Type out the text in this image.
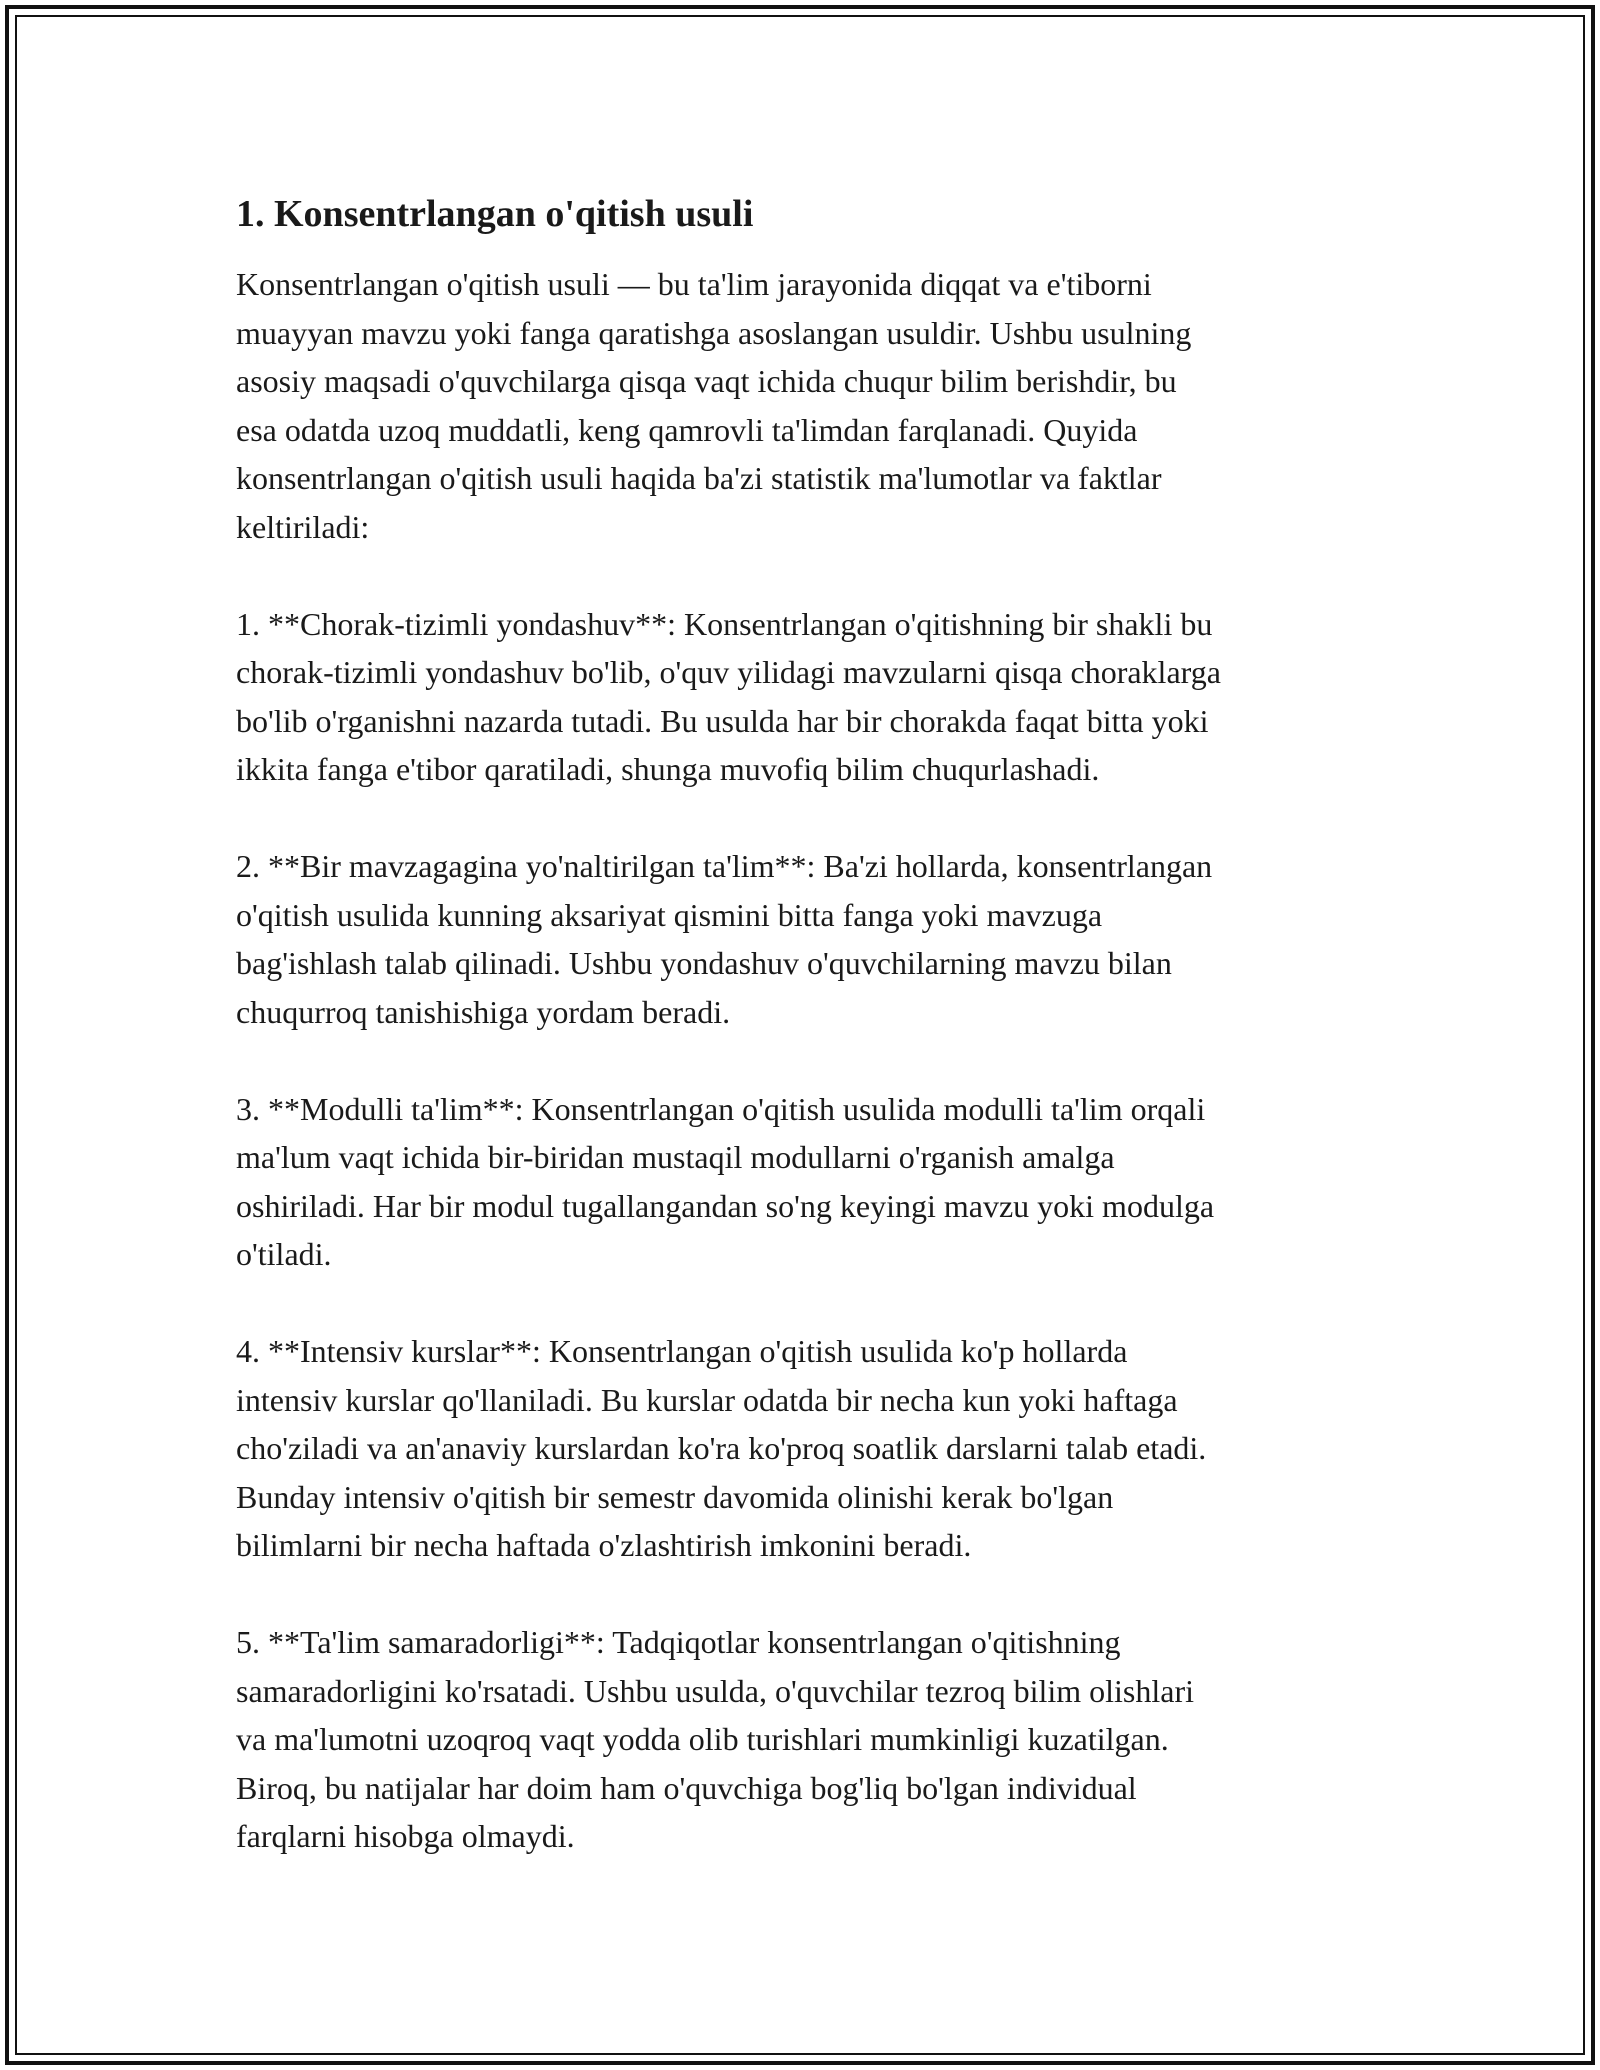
1. Konsentrlangan o'qitish usuli

Konsentrlangan o'qitish usuli — bu ta'lim jarayonida diqqat va e'tiborni
muayyan mavzu yoki fanga qaratishga asoslangan usuldir. Ushbu usulning
asosiy maqsadi o'quvchilarga qisqa vaqt ichida chuqur bilim berishdir, bu
esa odatda uzoq muddatli, keng qamrovli ta'limdan farqlanadi. Quyida
konsentrlangan o'qitish usuli haqida ba'zi statistik ma'lumotlar va faktlar
keltiriladi:

1. **Chorak-tizimli yondashuv**: Konsentrlangan o'qitishning bir shakli bu
chorak-tizimli yondashuv bo'lib, o'quv yilidagi mavzularni qisqa choraklarga
bo'lib o'rganishni nazarda tutadi. Bu usulda har bir chorakda faqat bitta yoki
ikkita fanga e'tibor qaratiladi, shunga muvofiq bilim chuqurlashadi.

2. **Bir mavzagagina yo'naltirilgan ta'lim**: Ba'zi hollarda, konsentrlangan
o'qitish usulida kunning aksariyat qismini bitta fanga yoki mavzuga
bag'ishlash talab qilinadi. Ushbu yondashuv o'quvchilarning mavzu bilan
chuqurroq tanishishiga yordam beradi.

3. **Modulli ta'lim**: Konsentrlangan o'qitish usulida modulli ta'lim orqali
ma'lum vaqt ichida bir-biridan mustaqil modullarni o'rganish amalga
oshiriladi. Har bir modul tugallangandan so'ng keyingi mavzu yoki modulga
o'tiladi.

4. **Intensiv kurslar**: Konsentrlangan o'qitish usulida ko'p hollarda
intensiv kurslar qo'llaniladi. Bu kurslar odatda bir necha kun yoki haftaga
cho'ziladi va an'anaviy kurslardan ko'ra ko'proq soatlik darslarni talab etadi.
Bunday intensiv o'qitish bir semestr davomida olinishi kerak bo'lgan
bilimlarni bir necha haftada o'zlashtirish imkonini beradi.

5. **Ta'lim samaradorligi**: Tadqiqotlar konsentrlangan o'qitishning
samaradorligini ko'rsatadi. Ushbu usulda, o'quvchilar tezroq bilim olishlari
va ma'lumotni uzoqroq vaqt yodda olib turishlari mumkinligi kuzatilgan.
Biroq, bu natijalar har doim ham o'quvchiga bog'liq bo'lgan individual
farqlarni hisobga olmaydi.
